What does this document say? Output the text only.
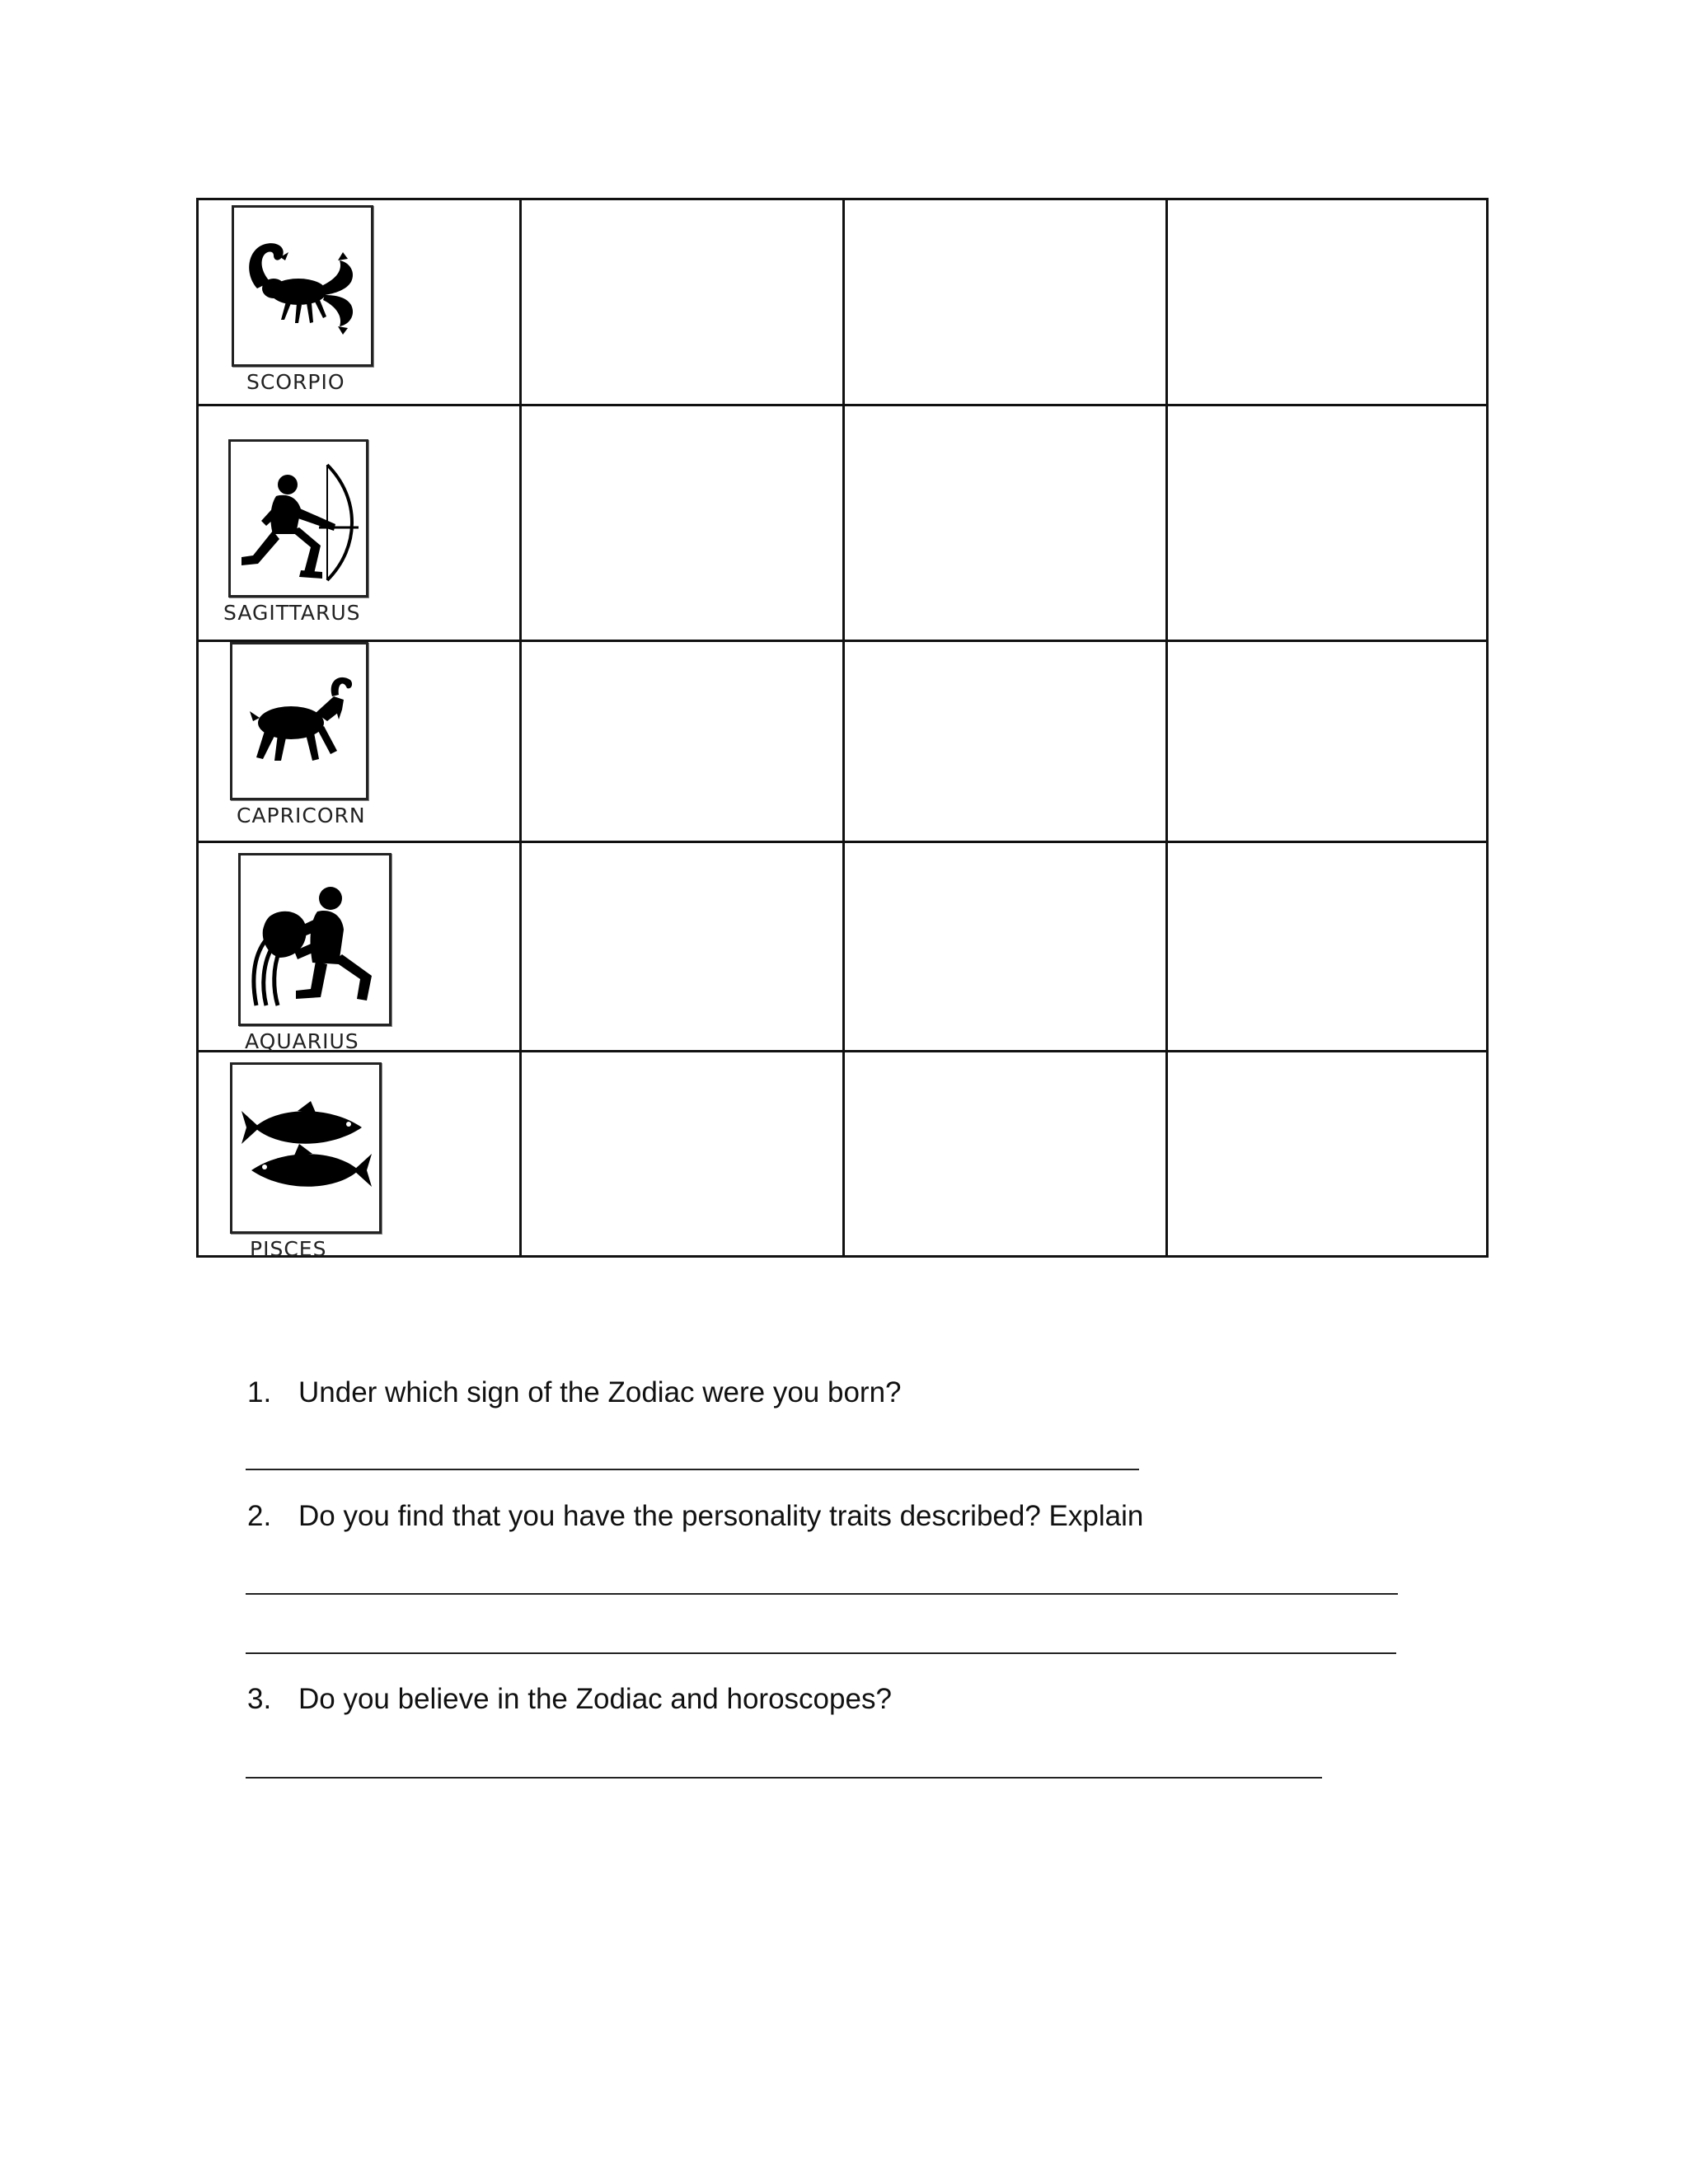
SCORPIO
SAGITTARUS
CAPRICORN
AQUARIUS
PISCES
1. Under which sign of the Zodiac were you born?
2. Do you find that you have the personality traits described? Explain
3. Do you believe in the Zodiac and horoscopes?
